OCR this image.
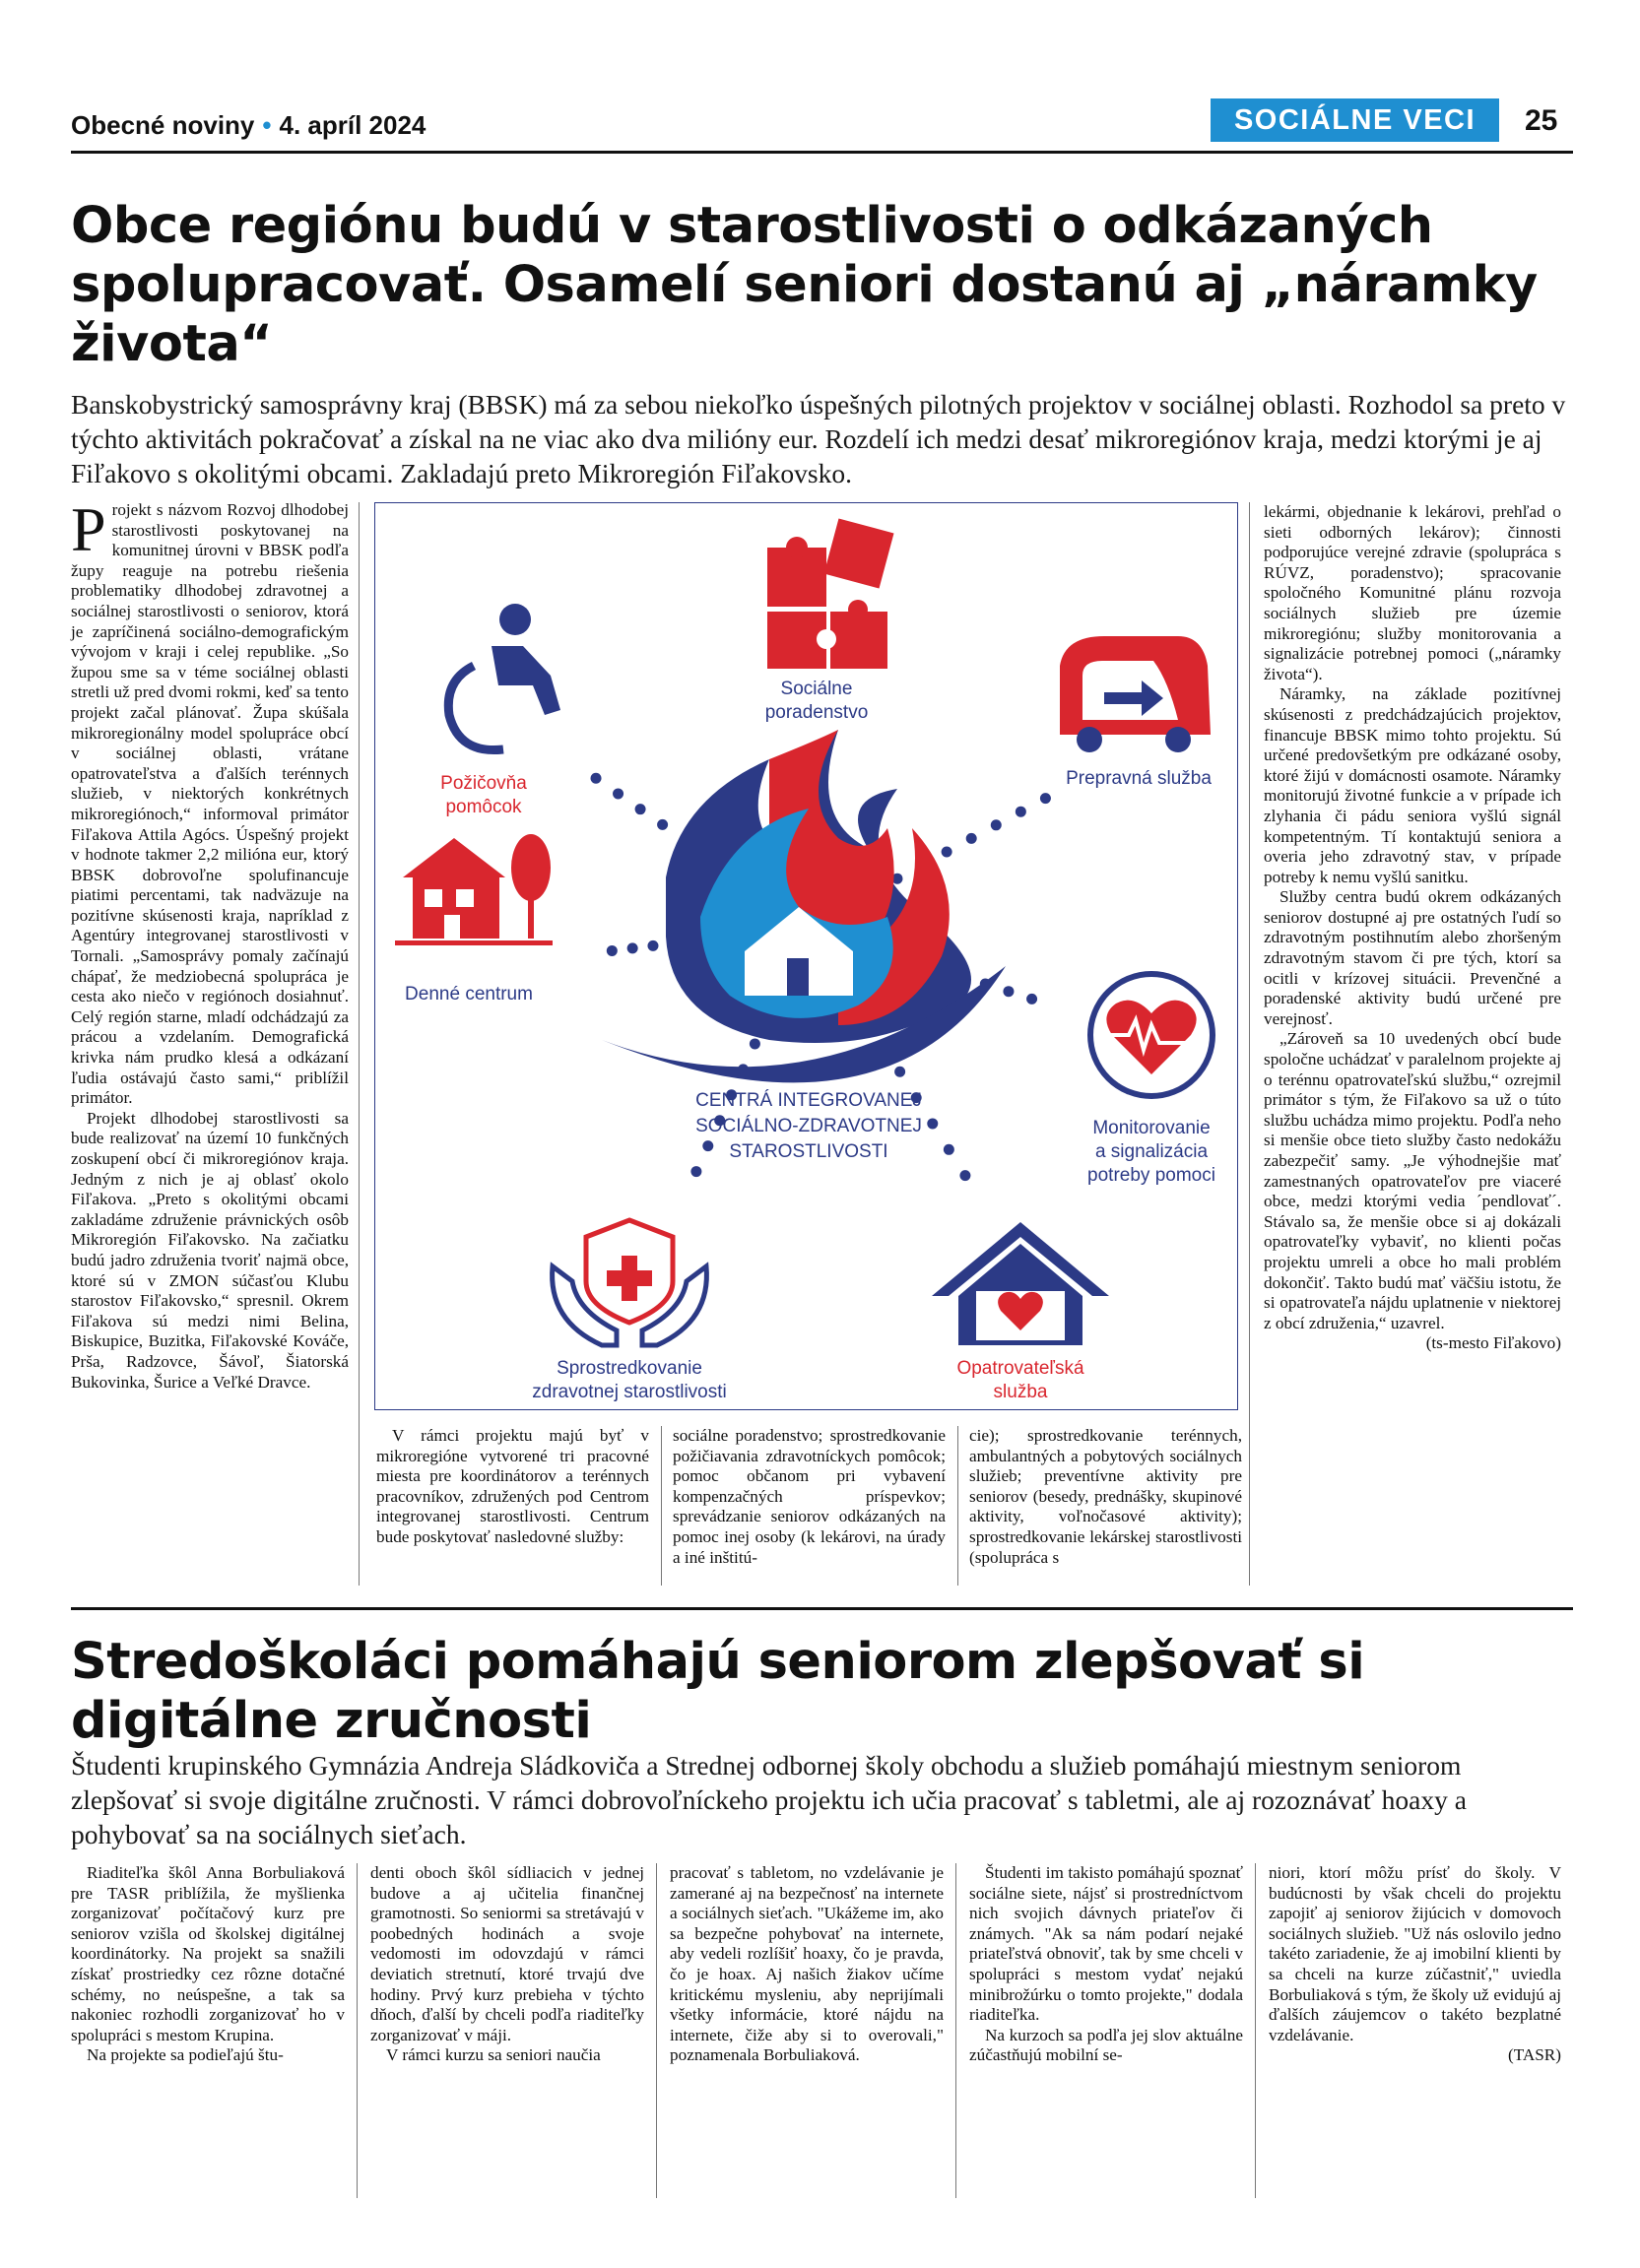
Obecné noviny • 4. apríl 2024	SOCIÁLNE VECI	25
Obce regiónu budú v starostlivosti o odkázaných spolupracovať. Osamelí seniori dostanú aj „náramky života“
Banskobystrický samosprávny kraj (BBSK) má za sebou niekoľko úspešných pilotných projektov v sociálnej oblasti. Rozhodol sa preto v týchto aktivitách pokračovať a získal na ne viac ako dva milióny eur. Rozdelí ich medzi desať mikroregiónov kraja, medzi ktorými je aj Fiľakovo s okolitými obcami. Zakladajú preto Mikroregión Fiľakovsko.

Projekt s názvom Rozvoj dlhodobej starostlivosti poskytovanej na komunitnej úrovni v BBSK podľa župy reaguje na potrebu riešenia problematiky dlhodobej zdravotnej a sociálnej starostlivosti o seniorov, ktorá je zapríčinená sociálno-demografickým vývojom v kraji i celej republike. „So župou sme sa v téme sociálnej oblasti stretli už pred dvomi rokmi, keď sa tento projekt začal plánovať. Župa skúšala mikroregionálny model spolupráce obcí v sociálnej oblasti, vrátane opatrovateľstva a ďalších terénnych služieb, v niektorých konkrétnych mikroregiónoch,“ informoval primátor Fiľakova Attila Agócs. Úspešný projekt v hodnote takmer 2,2 milióna eur, ktorý BBSK dobrovoľne spolufinancuje piatimi percentami, tak nadväzuje na pozitívne skúsenosti kraja, napríklad z Agentúry integrovanej starostlivosti v Tornali. „Samosprávy pomaly začínajú chápať, že medziobecná spolupráca je cesta ako niečo v regiónoch dosiahnuť. Celý región starne, mladí odchádzajú za prácou a vzdelaním. Demografická krivka nám prudko klesá a odkázaní ľudia ostávajú často sami,“ priblížil primátor.

Projekt dlhodobej starostlivosti sa bude realizovať na území 10 funkčných zoskupení obcí či mikroregiónov kraja. Jedným z nich je aj oblasť okolo Fiľakova. „Preto s okolitými obcami zakladáme združenie právnických osôb Mikroregión Fiľakovsko. Na začiatku budú jadro združenia tvoriť najmä obce, ktoré sú v ZMON súčasťou Klubu starostov Fiľakovsko,“ spresnil. Okrem Fiľakova sú medzi nimi Belina, Biskupice, Buzitka, Fiľakovské Kováče, Prša, Radzovce, Šávoľ, Šiatorská Bukovinka, Šurice a Veľké Dravce.

CENTRÁ INTEGROVANEJ
SOCIÁLNO-ZDRAVOTNEJ
STAROSTLIVOSTI
Sociálne
poradenstvo
Prepravná služba
Monitorovanie
a signalizácia
potreby pomoci
Opatrovateľská
služba
Sprostredkovanie
zdravotnej starostlivosti
Denné centrum
Požičovňa
pomôcok

lekármi, objednanie k lekárovi, prehľad o sieti odborných lekárov); činnosti podporujúce verejné zdravie (spolupráca s RÚVZ, poradenstvo); spracovanie spoločného Komunitné plánu rozvoja sociálnych služieb pre územie mikroregiónu; služby monitorovania a signalizácie potrebnej pomoci („náramky života“).

Náramky, na základe pozitívnej skúsenosti z predchádzajúcich projektov, financuje BBSK mimo tohto projektu. Sú určené predovšetkým pre odkázané osoby, ktoré žijú v domácnosti osamote. Náramky monitorujú životné funkcie a v prípade ich zlyhania či pádu seniora vyšlú signál kompetentným. Tí kontaktujú seniora a overia jeho zdravotný stav, v prípade potreby k nemu vyšlú sanitku.

Služby centra budú okrem odkázaných seniorov dostupné aj pre ostatných ľudí so zdravotným postihnutím alebo zhoršeným zdravotným stavom či pre tých, ktorí sa ocitli v krízovej situácii. Prevenčné a poradenské aktivity budú určené pre verejnosť.

„Zároveň sa 10 uvedených obcí bude spoločne uchádzať v paralelnom projekte aj o terénnu opatrovateľskú službu,“ ozrejmil primátor s tým, že Fiľakovo sa už o túto službu uchádza mimo projektu. Podľa neho si menšie obce tieto služby často nedokážu zabezpečiť samy. „Je výhodnejšie mať zamestnaných opatrovateľov pre viaceré obce, medzi ktorými vedia ´pendlovať´. Stávalo sa, že menšie obce si aj dokázali opatrovateľky vybaviť, no klienti počas projektu umreli a obce ho mali problém dokončiť. Takto budú mať väčšiu istotu, že si opatrovateľa nájdu uplatnenie v niektorej z obcí združenia,“ uzavrel.

(ts-mesto Fiľakovo)

V rámci projektu majú byť v mikroregióne vytvorené tri pracovné miesta pre koordinátorov a terénnych pracovníkov, združených pod Centrom integrovanej starostlivosti. Centrum bude poskytovať nasledovné služby:

sociálne poradenstvo; sprostredkovanie požičiavania zdravotníckych pomôcok; pomoc občanom pri vybavení kompenzačných príspevkov; sprevádzanie seniorov odkázaných na pomoc inej osoby (k lekárovi, na úrady a iné inštitú-

cie); sprostredkovanie terénnych, ambulantných a pobytových sociálnych služieb; preventívne aktivity pre seniorov (besedy, prednášky, skupinové aktivity, voľnočasové aktivity); sprostredkovanie lekárskej starostlivosti (spolupráca s

Stredoškoláci pomáhajú seniorom zlepšovať si digitálne zručnosti
Študenti krupinského Gymnázia Andreja Sládkoviča a Strednej odbornej školy obchodu a služieb pomáhajú miestnym seniorom zlepšovať si svoje digitálne zručnosti. V rámci dobrovoľníckeho projektu ich učia pracovať s tabletmi, ale aj rozoznávať hoaxy a pohybovať sa na sociálnych sieťach.

Riaditeľka škôl Anna Borbuliaková pre TASR priblížila, že myšlienka zorganizovať počítačový kurz pre seniorov vzišla od školskej digitálnej koordinátorky. Na projekt sa snažili získať prostriedky cez rôzne dotačné schémy, no neúspešne, a tak sa nakoniec rozhodli zorganizovať ho v spolupráci s mestom Krupina.

Na projekte sa podieľajú štu-

denti oboch škôl sídliacich v jednej budove a aj učitelia finančnej gramotnosti. So seniormi sa stretávajú v poobedných hodinách a svoje vedomosti im odovzdajú v rámci deviatich stretnutí, ktoré trvajú dve hodiny. Prvý kurz prebieha v týchto dňoch, ďalší by chceli podľa riaditeľky zorganizovať v máji.

V rámci kurzu sa seniori naučia

pracovať s tabletom, no vzdelávanie je zamerané aj na bezpečnosť na internete a sociálnych sieťach. "Ukážeme im, ako sa bezpečne pohybovať na internete, aby vedeli rozlíšiť hoaxy, čo je pravda, čo je hoax. Aj našich žiakov učíme kritickému mysleniu, aby neprijímali všetky informácie, ktoré nájdu na internete, čiže aby si to overovali," poznamenala Borbuliaková.

Študenti im takisto pomáhajú spoznať sociálne siete, nájsť si prostredníctvom nich svojich dávnych priateľov či známych. "Ak sa nám podarí nejaké priateľstvá obnoviť, tak by sme chceli v spolupráci s mestom vydať nejakú minibrožúrku o tomto projekte," dodala riaditeľka.

Na kurzoch sa podľa jej slov aktuálne zúčastňujú mobilní se-

niori, ktorí môžu prísť do školy. V budúcnosti by však chceli do projektu zapojiť aj seniorov žijúcich v domovoch sociálnych služieb. "Už nás oslovilo jedno takéto zariadenie, že aj imobilní klienti by sa chceli na kurze zúčastniť," uviedla Borbuliaková s tým, že školy už evidujú aj ďalších záujemcov o takéto bezplatné vzdelávanie.

(TASR)
